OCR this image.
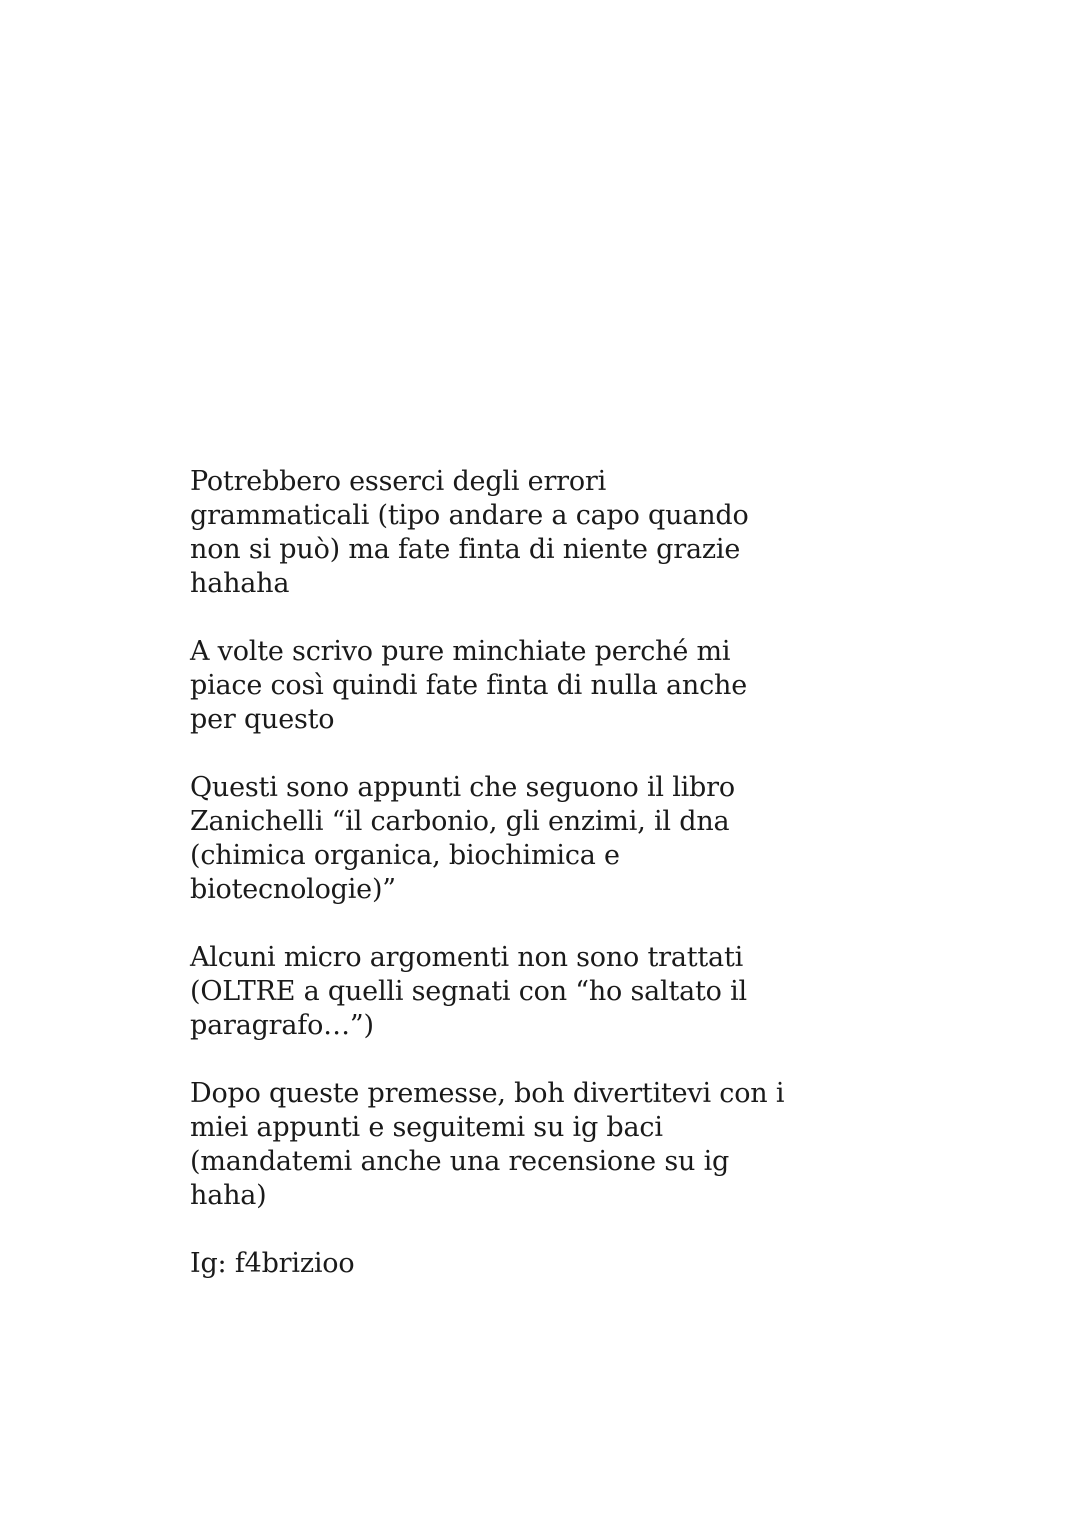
Potrebbero esserci degli errori
grammaticali (tipo andare a capo quando
non si può) ma fate finta di niente grazie
hahaha

A volte scrivo pure minchiate perché mi
piace così quindi fate finta di nulla anche
per questo

Questi sono appunti che seguono il libro
Zanichelli “il carbonio, gli enzimi, il dna
(chimica organica, biochimica e
biotecnologie)”

Alcuni micro argomenti non sono trattati
(OLTRE a quelli segnati con “ho saltato il
paragrafo…”)

Dopo queste premesse, boh divertitevi con i
miei appunti e seguitemi su ig baci
(mandatemi anche una recensione su ig
haha)

Ig: f4brizioo
